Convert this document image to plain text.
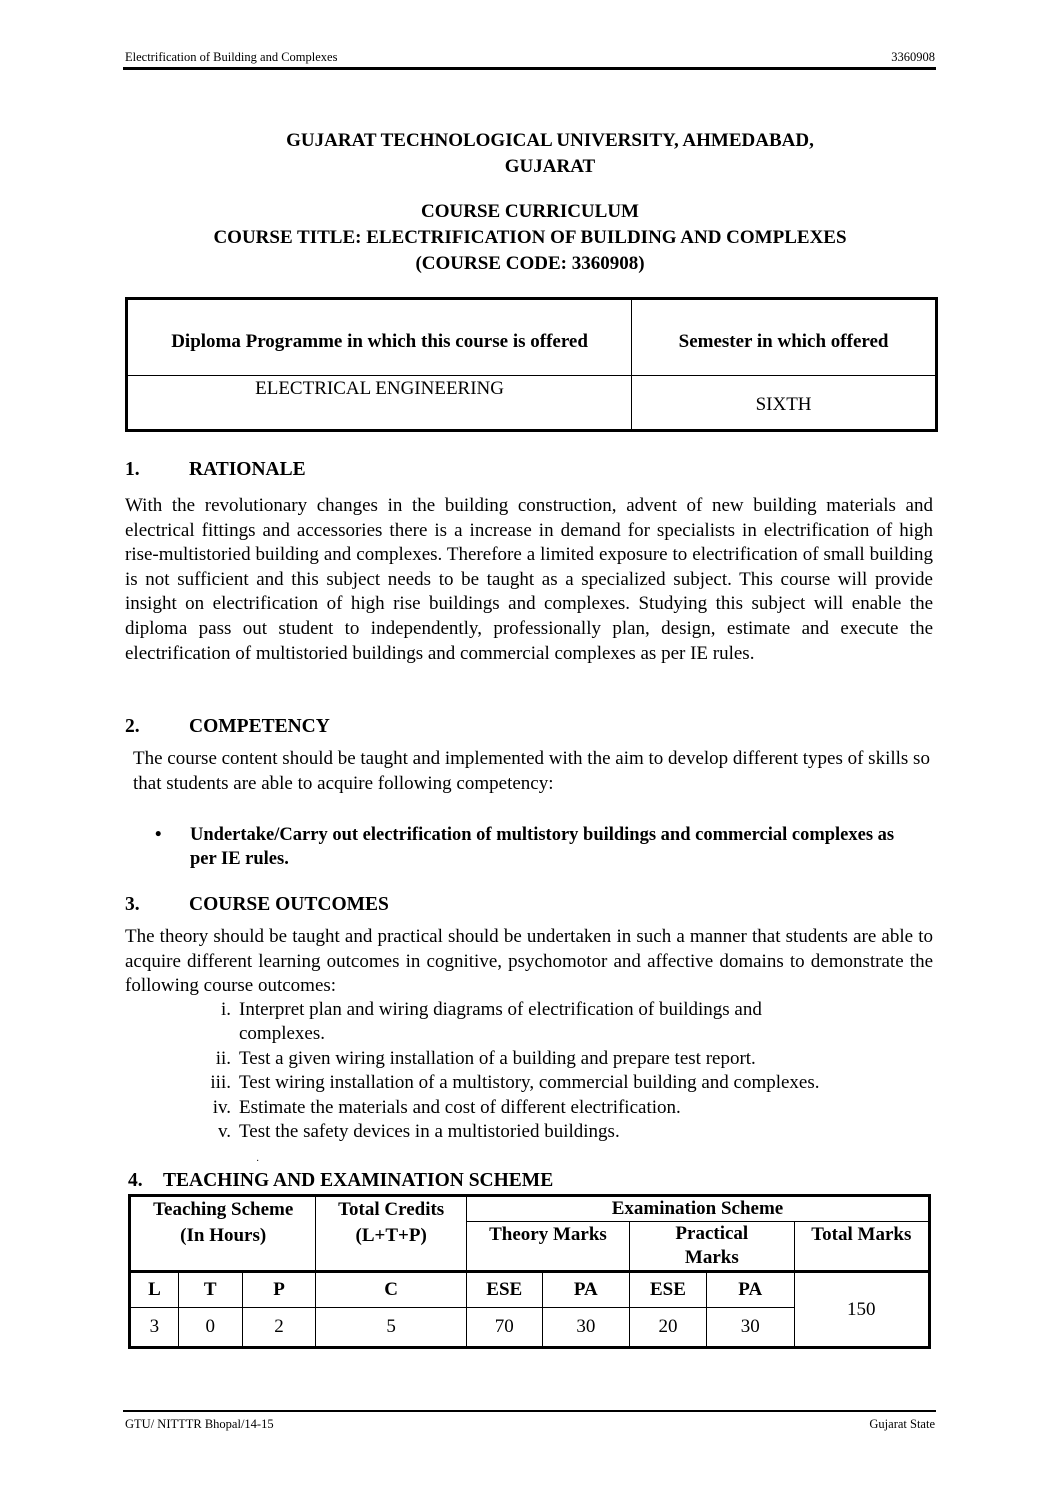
Electrification of Building and Complexes	3360908
GUJARAT TECHNOLOGICAL UNIVERSITY, AHMEDABAD,
GUJARAT
COURSE CURRICULUM
COURSE TITLE: ELECTRIFICATION OF BUILDING AND COMPLEXES
(COURSE CODE: 3360908)
Diploma Programme in which this course is offered	Semester in which offered
ELECTRICAL ENGINEERING	SIXTH
1.	RATIONALE
With the revolutionary changes in the building construction, advent of new building materials and electrical fittings and accessories there is a increase in demand for specialists in electrification of high rise-multistoried building and complexes. Therefore a limited exposure to electrification of small building is not sufficient and this subject needs to be taught as a specialized subject. This course will provide insight on electrification of high rise buildings and complexes. Studying this subject will enable the diploma pass out student to independently, professionally plan, design, estimate and execute the electrification of multistoried buildings and commercial complexes as per IE rules.
2.	COMPETENCY
The course content should be taught and implemented with the aim to develop different types of skills so that students are able to acquire following competency:
•	Undertake/Carry out electrification of multistory buildings and commercial complexes as per IE rules.
3.	COURSE OUTCOMES
The theory should be taught and practical should be undertaken in such a manner that students are able to acquire different learning outcomes in cognitive, psychomotor and affective domains to demonstrate the following course outcomes:
i. Interpret plan and wiring diagrams of electrification of buildings and complexes.
ii. Test a given wiring installation of a building and prepare test report.
iii. Test wiring installation of a multistory, commercial building and complexes.
iv. Estimate the materials and cost of different electrification.
v. Test the safety devices in a multistoried buildings.
·
4. TEACHING AND EXAMINATION SCHEME
Teaching Scheme (In Hours)			Total Credits (L+T+P)	Examination Scheme				
				Theory Marks		Practical Marks		Total Marks
L	T	P	C	ESE	PA	ESE	PA	150
3	0	2	5	70	30	20	30	
GTU/ NITTTR Bhopal/14-15	Gujarat State
